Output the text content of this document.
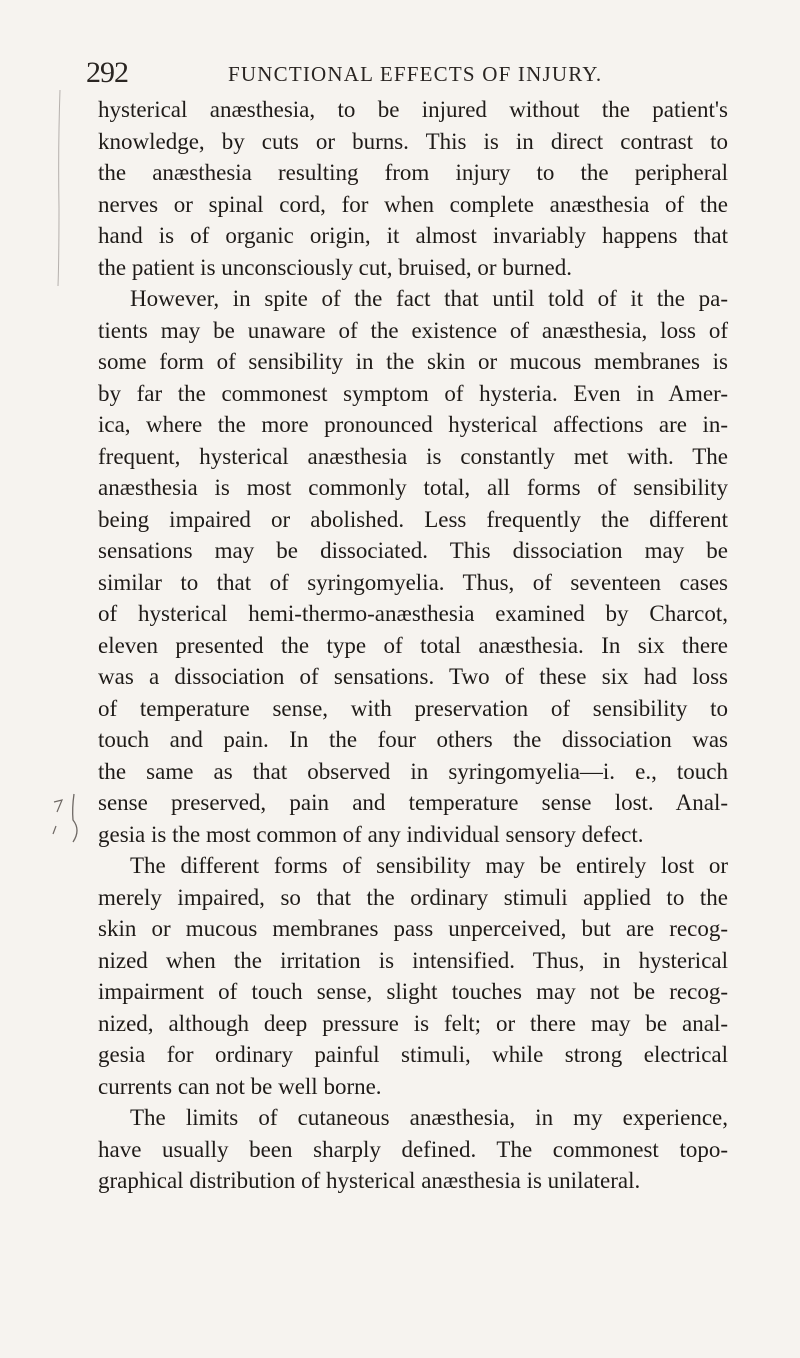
292	FUNCTIONAL EFFECTS OF INJURY.
hysterical anæsthesia, to be injured without the patient's
knowledge, by cuts or burns. This is in direct contrast to
the anæsthesia resulting from injury to the peripheral
nerves or spinal cord, for when complete anæsthesia of the
hand is of organic origin, it almost invariably happens that
the patient is unconsciously cut, bruised, or burned.
However, in spite of the fact that until told of it the pa-
tients may be unaware of the existence of anæsthesia, loss of
some form of sensibility in the skin or mucous membranes is
by far the commonest symptom of hysteria. Even in Amer-
ica, where the more pronounced hysterical affections are in-
frequent, hysterical anæsthesia is constantly met with. The
anæsthesia is most commonly total, all forms of sensibility
being impaired or abolished. Less frequently the different
sensations may be dissociated. This dissociation may be
similar to that of syringomyelia. Thus, of seventeen cases
of hysterical hemi-thermo-anæsthesia examined by Charcot,
eleven presented the type of total anæsthesia. In six there
was a dissociation of sensations. Two of these six had loss
of temperature sense, with preservation of sensibility to
touch and pain. In the four others the dissociation was
the same as that observed in syringomyelia—i. e., touch
sense preserved, pain and temperature sense lost. Anal-
gesia is the most common of any individual sensory defect.
The different forms of sensibility may be entirely lost or
merely impaired, so that the ordinary stimuli applied to the
skin or mucous membranes pass unperceived, but are recog-
nized when the irritation is intensified. Thus, in hysterical
impairment of touch sense, slight touches may not be recog-
nized, although deep pressure is felt; or there may be anal-
gesia for ordinary painful stimuli, while strong electrical
currents can not be well borne.
The limits of cutaneous anæsthesia, in my experience,
have usually been sharply defined. The commonest topo-
graphical distribution of hysterical anæsthesia is unilateral.
